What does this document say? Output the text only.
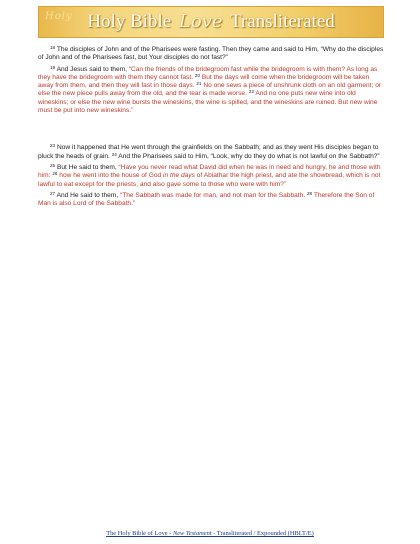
Holy Holy Bible Love Transliterated

$^{18}$ The disciples of John and of the Pharisees were fasting. Then they came and said to Him, “Why do the disciples of John and of the Pharisees fast, but Your disciples do not fast?”

$^{19}$ And Jesus said to them, “Can the friends of the bridegroom fast while the bridegroom is with them? As long as they have the bridegroom with them they cannot fast. $^{20}$ But the days will come when the bridegroom will be taken away from them, and then they will fast in those days. $^{21}$ No one sews a piece of unshrunk cloth on an old garment; or else the new piece pulls away from the old, and the tear is made worse. $^{22}$ And no one puts new wine into old wineskins; or else the new wine bursts the wineskins, the wine is spilled, and the wineskins are ruined. But new wine must be put into new wineskins.”

$^{23}$ Now it happened that He went through the grainfields on the Sabbath; and as they went His disciples began to pluck the heads of grain. $^{24}$ And the Pharisees said to Him, “Look, why do they do what is not lawful on the Sabbath?”

$^{25}$ But He said to them, “Have you never read what David did when he was in need and hungry, he and those with him: $^{26}$ how he went into the house of God in the days of Abiathar the high priest, and ate the showbread, which is not lawful to eat except for the priests, and also gave some to those who were with him?”

$^{27}$ And He said to them, “The Sabbath was made for man, and not man for the Sabbath. $^{28}$ Therefore the Son of Man is also Lord of the Sabbath.”

The Holy Bible of Love - New Testament - Transliterated / Expounded (HBLT/E)
